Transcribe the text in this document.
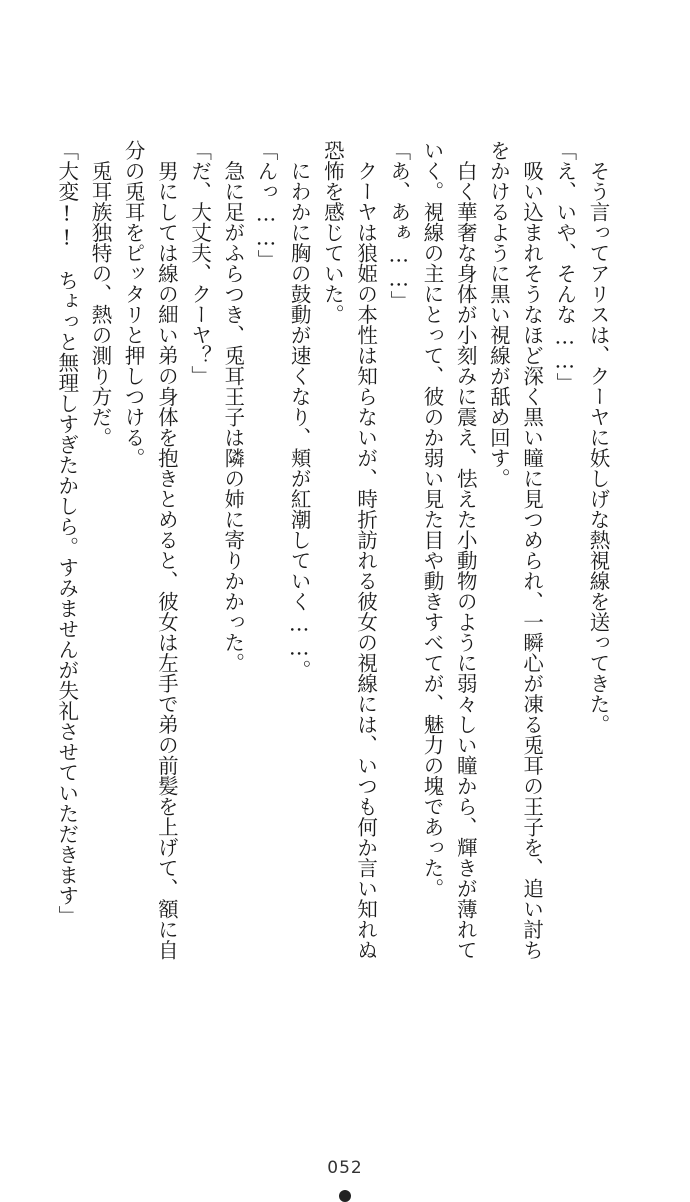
　そう言ってアリスは、クーヤに妖しげな熱視線を送ってきた。
「え、いや、そんな……」
　吸い込まれそうなほど深く黒い瞳に見つめられ、一瞬心が凍る兎耳の王子を、追い討ち
をかけるように黒い視線が舐め回す。
　白く華奢な身体が小刻みに震え、怯えた小動物のように弱々しい瞳から、輝きが薄れて
いく。視線の主にとって、彼のか弱い見た目や動きすべてが、魅力の塊であった。
「あ、あぁ……」
　クーヤは狼姫の本性は知らないが、時折訪れる彼女の視線には、いつも何か言い知れぬ
恐怖を感じていた。
　にわかに胸の鼓動が速くなり、頬が紅潮していく……。
「んっ……」
　急に足がふらつき、兎耳王子は隣の姉に寄りかかった。
「だ、大丈夫、クーヤ？」
　男にしては線の細い弟の身体を抱きとめると、彼女は左手で弟の前髪を上げて、額に自
分の兎耳をピッタリと押しつける。
　兎耳族独特の、熱の測り方だ。
「大変!!　ちょっと無理しすぎたかしら。すみませんが失礼させていただきます」
052
